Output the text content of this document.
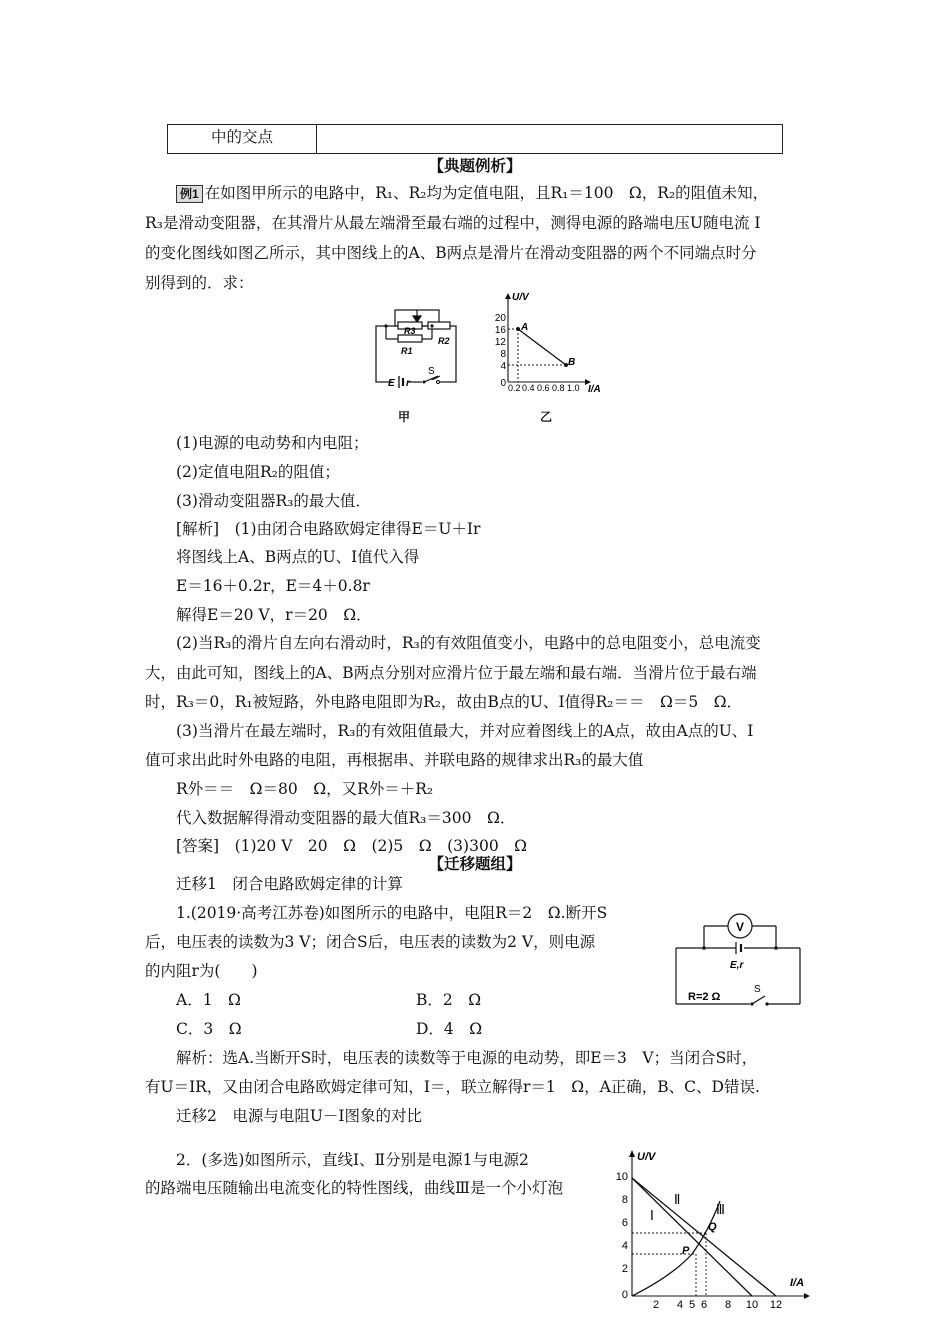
中的交点	
【典题例析】
例1 在如图甲所示的电路中，R₁、R₂均为定值电阻，且R₁＝100　Ω，R₂的阻值未知，
R₃是滑动变阻器，在其滑片从最左端滑至最右端的过程中，测得电源的路端电压U随电流 I
的变化图线如图乙所示，其中图线上的A、B两点是滑片在滑动变阻器的两个不同端点时分
别得到的．求：
R3
R1
R2
E r
S
U/V
I/A
20
16
12
8
4
0 0.2 0.4 0.6 0.8 1.0
A
B
甲	乙
(1)电源的电动势和内电阻；
(2)定值电阻R₂的阻值；
(3)滑动变阻器R₃的最大值．
[解析]　(1)由闭合电路欧姆定律得E＝U＋Ir
将图线上A、B两点的U、I值代入得
E＝16＋0.2r，E＝4＋0.8r
解得E＝20 V，r＝20　Ω．
(2)当R₃的滑片自左向右滑动时，R₃的有效阻值变小，电路中的总电阻变小，总电流变
大，由此可知，图线上的A、B两点分别对应滑片位于最左端和最右端．当滑片位于最右端
时，R₃＝0，R₁被短路，外电路电阻即为R₂，故由B点的U、I值得R₂＝＝　Ω＝5　Ω．
(3)当滑片在最左端时，R₃的有效阻值最大，并对应着图线上的A点，故由A点的U、I
值可求出此时外电路的电阻，再根据串、并联电路的规律求出R₃的最大值
R外＝＝　Ω＝80　Ω，又R外＝＋R₂
代入数据解得滑动变阻器的最大值R₃＝300　Ω．
[答案]　(1)20 V　20　Ω　(2)5　Ω　(3)300　Ω
【迁移题组】
迁移1　闭合电路欧姆定律的计算
1.(2019·高考江苏卷)如图所示的电路中，电阻R＝2　Ω.断开S
后，电压表的读数为3 V；闭合S后，电压表的读数为2 V，则电源
的内阻r为(　　)
A．1　Ω	B．2　Ω
C．3　Ω	D．4　Ω
V
E,r
R=2 Ω
S
解析：选A.当断开S时，电压表的读数等于电源的电动势，即E＝3　V；当闭合S时，
有U＝IR，又由闭合电路欧姆定律可知，I＝，联立解得r＝1　Ω，A正确，B、C、D错误.
迁移2　电源与电阻U－I图象的对比
2．(多选)如图所示，直线Ⅰ、Ⅱ分别是电源1与电源2
的路端电压随输出电流变化的特性图线，曲线Ⅲ是一个小灯泡
U/V
I/A
10
8
6
4
2
0
2 4 5 6 8 10 12
Ⅰ
Ⅱ
Ⅲ
Q
P
